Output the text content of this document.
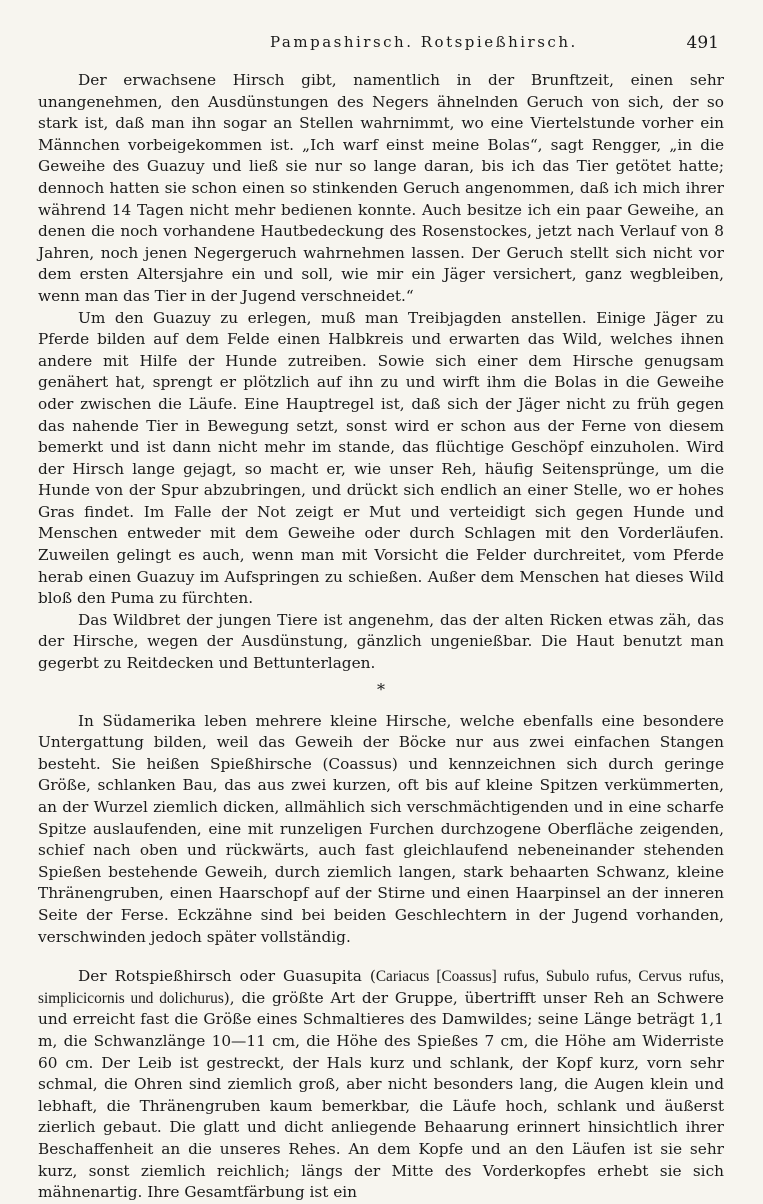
Pampashirsch. Rotspießhirsch.	491

Der erwachsene Hirsch gibt, namentlich in der Brunftzeit, einen sehr unangenehmen, den Ausdünstungen des Negers ähnelnden Geruch von sich, der so stark ist, daß man ihn sogar an Stellen wahrnimmt, wo eine Viertelstunde vorher ein Männchen vorbeigekommen ist. „Ich warf einst meine Bolas“, sagt Rengger, „in die Geweihe des Guazuy und ließ sie nur so lange daran, bis ich das Tier getötet hatte; dennoch hatten sie schon einen so stinkenden Geruch angenommen, daß ich mich ihrer während 14 Tagen nicht mehr bedienen konnte. Auch besitze ich ein paar Geweihe, an denen die noch vorhandene Hautbedeckung des Rosenstockes, jetzt nach Verlauf von 8 Jahren, noch jenen Negergeruch wahrnehmen lassen. Der Geruch stellt sich nicht vor dem ersten Altersjahre ein und soll, wie mir ein Jäger versichert, ganz wegbleiben, wenn man das Tier in der Jugend verschneidet.“

Um den Guazuy zu erlegen, muß man Treibjagden anstellen. Einige Jäger zu Pferde bilden auf dem Felde einen Halbkreis und erwarten das Wild, welches ihnen andere mit Hilfe der Hunde zutreiben. Sowie sich einer dem Hirsche genugsam genähert hat, sprengt er plötzlich auf ihn zu und wirft ihm die Bolas in die Geweihe oder zwischen die Läufe. Eine Hauptregel ist, daß sich der Jäger nicht zu früh gegen das nahende Tier in Bewegung setzt, sonst wird er schon aus der Ferne von diesem bemerkt und ist dann nicht mehr im stande, das flüchtige Geschöpf einzuholen. Wird der Hirsch lange gejagt, so macht er, wie unser Reh, häufig Seitensprünge, um die Hunde von der Spur abzubringen, und drückt sich endlich an einer Stelle, wo er hohes Gras findet. Im Falle der Not zeigt er Mut und verteidigt sich gegen Hunde und Menschen entweder mit dem Geweihe oder durch Schlagen mit den Vorderläufen. Zuweilen gelingt es auch, wenn man mit Vorsicht die Felder durchreitet, vom Pferde herab einen Guazuy im Aufspringen zu schießen. Außer dem Menschen hat dieses Wild bloß den Puma zu fürchten.

Das Wildbret der jungen Tiere ist angenehm, das der alten Ricken etwas zäh, das der Hirsche, wegen der Ausdünstung, gänzlich ungenießbar. Die Haut benutzt man gegerbt zu Reitdecken und Bettunterlagen.

*

In Südamerika leben mehrere kleine Hirsche, welche ebenfalls eine besondere Untergattung bilden, weil das Geweih der Böcke nur aus zwei einfachen Stangen besteht. Sie heißen Spießhirsche (Coassus) und kennzeichnen sich durch geringe Größe, schlanken Bau, das aus zwei kurzen, oft bis auf kleine Spitzen verkümmerten, an der Wurzel ziemlich dicken, allmählich sich verschmächtigenden und in eine scharfe Spitze auslaufenden, eine mit runzeligen Furchen durchzogene Oberfläche zeigenden, schief nach oben und rückwärts, auch fast gleichlaufend nebeneinander stehenden Spießen bestehende Geweih, durch ziemlich langen, stark behaarten Schwanz, kleine Thränengruben, einen Haarschopf auf der Stirne und einen Haarpinsel an der inneren Seite der Ferse. Eckzähne sind bei beiden Geschlechtern in der Jugend vorhanden, verschwinden jedoch später vollständig.

Der Rotspießhirsch oder Guasupita (Cariacus [Coassus] rufus, Subulo rufus, Cervus rufus, simplicicornis und dolichurus), die größte Art der Gruppe, übertrifft unser Reh an Schwere und erreicht fast die Größe eines Schmaltieres des Damwildes; seine Länge beträgt 1,1 m, die Schwanzlänge 10—11 cm, die Höhe des Spießes 7 cm, die Höhe am Widerriste 60 cm. Der Leib ist gestreckt, der Hals kurz und schlank, der Kopf kurz, vorn sehr schmal, die Ohren sind ziemlich groß, aber nicht besonders lang, die Augen klein und lebhaft, die Thränengruben kaum bemerkbar, die Läufe hoch, schlank und äußerst zierlich gebaut. Die glatt und dicht anliegende Behaarung erinnert hinsichtlich ihrer Beschaffenheit an die unseres Rehes. An dem Kopfe und an den Läufen ist sie sehr kurz, sonst ziemlich reichlich; längs der Mitte des Vorderkopfes erhebt sie sich mähnenartig. Ihre Gesamtfärbung ist ein
